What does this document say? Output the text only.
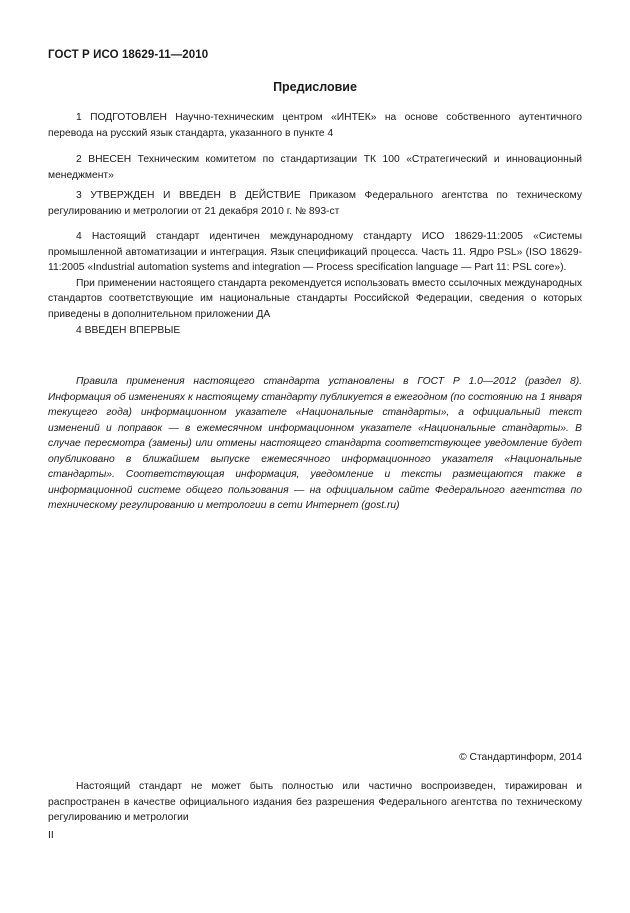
ГОСТ Р ИСО 18629-11—2010
Предисловие

1 ПОДГОТОВЛЕН Научно-техническим центром «ИНТЕК» на основе собственного аутентичного перевода на русский язык стандарта, указанного в пункте 4

2 ВНЕСЕН Техническим комитетом по стандартизации ТК 100 «Стратегический и инновационный менеджмент»

3 УТВЕРЖДЕН И ВВЕДЕН В ДЕЙСТВИЕ Приказом Федерального агентства по техническому регулированию и метрологии от 21 декабря 2010 г. № 893-ст

4 Настоящий стандарт идентичен международному стандарту ИСО 18629-11:2005 «Системы промышленной автоматизации и интеграция. Язык спецификаций процесса. Часть 11. Ядро PSL» (ISO 18629-11:2005 «Industrial automation systems and integration — Process specification language — Part 11: PSL core»).

При применении настоящего стандарта рекомендуется использовать вместо ссылочных международных стандартов соответствующие им национальные стандарты Российской Федерации, сведения о которых приведены в дополнительном приложении ДА

4 ВВЕДЕН ВПЕРВЫЕ

Правила применения настоящего стандарта установлены в ГОСТ Р 1.0—2012 (раздел 8). Информация об изменениях к настоящему стандарту публикуется в ежегодном (по состоянию на 1 января текущего года) информационном указателе «Национальные стандарты», а официальный текст изменений и поправок — в ежемесячном информационном указателе «Национальные стандарты». В случае пересмотра (замены) или отмены настоящего стандарта соответствующее уведомление будет опубликовано в ближайшем выпуске ежемесячного информационного указателя «Национальные стандарты». Соответствующая информация, уведомление и тексты размещаются также в информационной системе общего пользования — на официальном сайте Федерального агентства по техническому регулированию и метрологии в сети Интернет (gost.ru)

© Стандартинформ, 2014

Настоящий стандарт не может быть полностью или частично воспроизведен, тиражирован и распространен в качестве официального издания без разрешения Федерального агентства по техническому регулированию и метрологии

II
